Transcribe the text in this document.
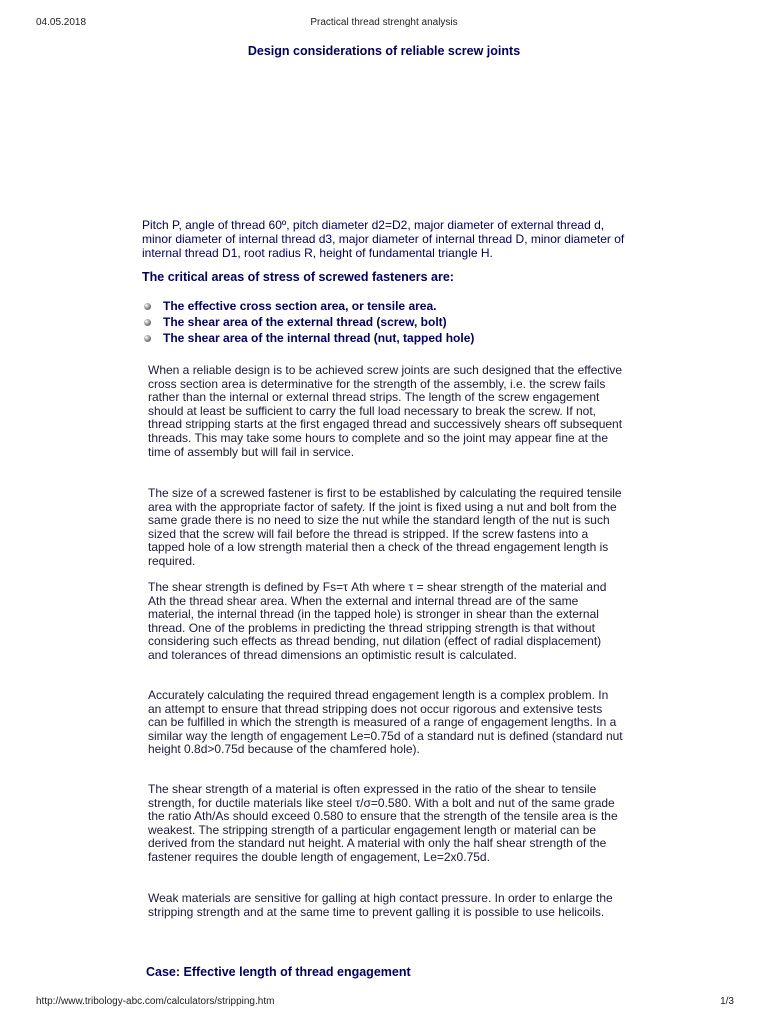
04.05.2018	Practical thread strenght analysis
Design considerations of reliable screw joints
Pitch P, angle of thread 60º, pitch diameter d2=D2, major diameter of external thread d, minor diameter of internal thread d3, major diameter of internal thread D, minor diameter of internal thread D1, root radius R, height of fundamental triangle H.
The critical areas of stress of screwed fasteners are:
The effective cross section area, or tensile area.
The shear area of the external thread (screw, bolt)
The shear area of the internal thread (nut, tapped hole)
When a reliable design is to be achieved screw joints are such designed that the effective cross section area is determinative for the strength of the assembly, i.e. the screw fails rather than the internal or external thread strips. The length of the screw engagement should at least be sufficient to carry the full load necessary to break the screw. If not, thread stripping starts at the first engaged thread and successively shears off subsequent threads. This may take some hours to complete and so the joint may appear fine at the time of assembly but will fail in service.
The size of a screwed fastener is first to be established by calculating the required tensile area with the appropriate factor of safety. If the joint is fixed using a nut and bolt from the same grade there is no need to size the nut while the standard length of the nut is such sized that the screw will fail before the thread is stripped. If the screw fastens into a tapped hole of a low strength material then a check of the thread engagement length is required.
The shear strength is defined by Fs=τ Ath where τ = shear strength of the material and Ath the thread shear area. When the external and internal thread are of the same material, the internal thread (in the tapped hole) is stronger in shear than the external thread. One of the problems in predicting the thread stripping strength is that without considering such effects as thread bending, nut dilation (effect of radial displacement) and tolerances of thread dimensions an optimistic result is calculated.
Accurately calculating the required thread engagement length is a complex problem. In an attempt to ensure that thread stripping does not occur rigorous and extensive tests can be fulfilled in which the strength is measured of a range of engagement lengths. In a similar way the length of engagement Le=0.75d of a standard nut is defined (standard nut height 0.8d>0.75d because of the chamfered hole).
The shear strength of a material is often expressed in the ratio of the shear to tensile strength, for ductile materials like steel τ/σ=0.580. With a bolt and nut of the same grade the ratio Ath/As should exceed 0.580 to ensure that the strength of the tensile area is the weakest. The stripping strength of a particular engagement length or material can be derived from the standard nut height. A material with only the half shear strength of the fastener requires the double length of engagement, Le=2x0.75d.
Weak materials are sensitive for galling at high contact pressure. In order to enlarge the stripping strength and at the same time to prevent galling it is possible to use helicoils.
Case: Effective length of thread engagement
http://www.tribology-abc.com/calculators/stripping.htm	1/3
